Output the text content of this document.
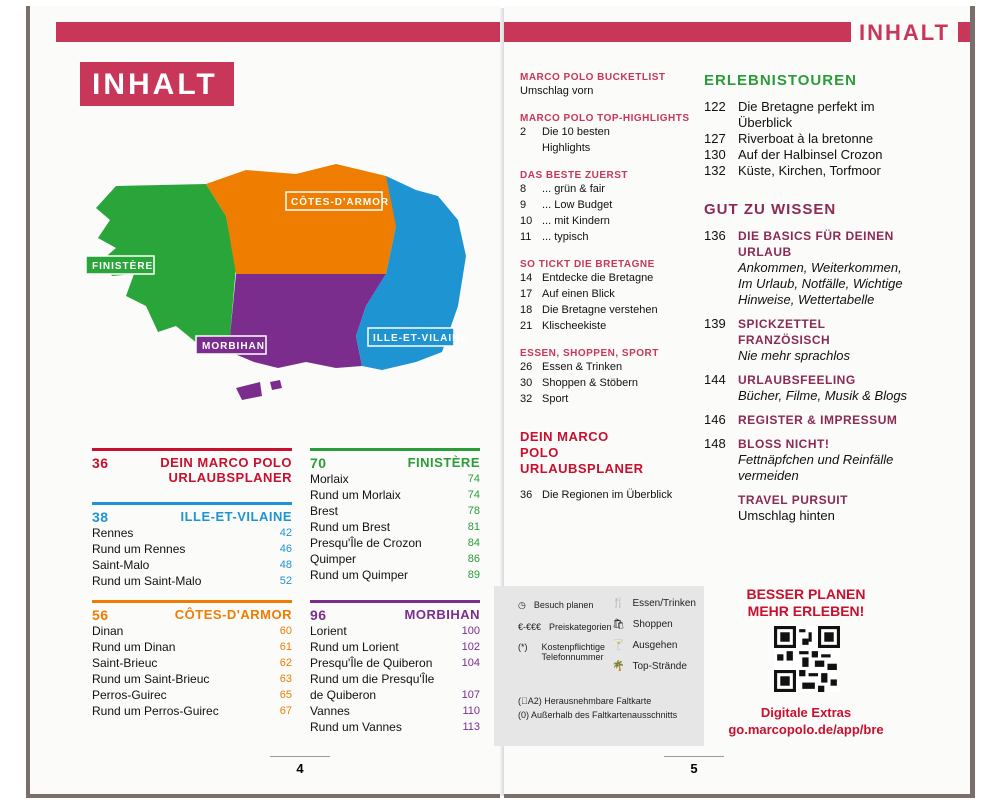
INHALT
FINISTÈRE
CÔTES-D'ARMOR
MORBIHAN
ILLE-ET-VILAINE
36	DEIN MARCO POLO URLAUBSPLANER
38	ILLE-ET-VILAINE
Rennes	42
Rund um Rennes	46
Saint-Malo	48
Rund um Saint-Malo	52
56	CÔTES-D'ARMOR
Dinan	60
Rund um Dinan	61
Saint-Brieuc	62
Rund um Saint-Brieuc	63
Perros-Guirec	65
Rund um Perros-Guirec	67
70	FINISTÈRE
Morlaix	74
Rund um Morlaix	74
Brest	78
Rund um Brest	81
Presqu'Île de Crozon	84
Quimper	86
Rund um Quimper	89
96	MORBIHAN
Lorient	100
Rund um Lorient	102
Presqu'Île de Quiberon	104
Rund um die Presqu'Île de Quiberon	107
Vannes	110
Rund um Vannes	113
4
INHALT
MARCO POLO BUCKETLIST
Umschlag vorn
MARCO POLO TOP-HIGHLIGHTS
2	Die 10 besten
Highlights
DAS BESTE ZUERST
8	... grün & fair
9	... Low Budget
10 ... mit Kindern
11 ... typisch
SO TICKT DIE BRETAGNE
14 Entdecke die Bretagne
17 Auf einen Blick
18 Die Bretagne verstehen
21 Klischeekiste
ESSEN, SHOPPEN, SPORT
26 Essen & Trinken
30 Shoppen & Stöbern
32 Sport
DEIN MARCO POLO URLAUBSPLANER
36 Die Regionen im Überblick
ERLEBNISTOUREN
122 Die Bretagne perfekt im Überblick
127 Riverboat à la bretonne
130 Auf der Halbinsel Crozon
132 Küste, Kirchen, Torfmoor
GUT ZU WISSEN
136	DIE BASICS FÜR DEINEN URLAUB
Ankommen, Weiterkommen, Im Urlaub, Notfälle, Wichtige Hinweise, Wettertabelle
139	SPICKZETTEL FRANZÖSISCH
Nie mehr sprachlos
144	URLAUBSFEELING
Bücher, Filme, Musik & Blogs
146	REGISTER & IMPRESSUM
148	BLOSS NICHT!
Fettnäpfchen und Reinfälle vermeiden
TRAVEL PURSUIT
Umschlag hinten
5
◷ Besuch planen
€-€€€ Preiskategorien
(*) Kostenpflichtige Telefonnummer
🍴 Essen/Trinken
🛍 Shoppen
🍸 Ausgehen
🌴 Top-Strände
( A2) Herausnehmbare Faltkarte
(0) Außerhalb des Faltkartenausschnitts
BESSER PLANEN
MEHR ERLEBEN!
Digitale Extras
go.marcopolo.de/app/bre
